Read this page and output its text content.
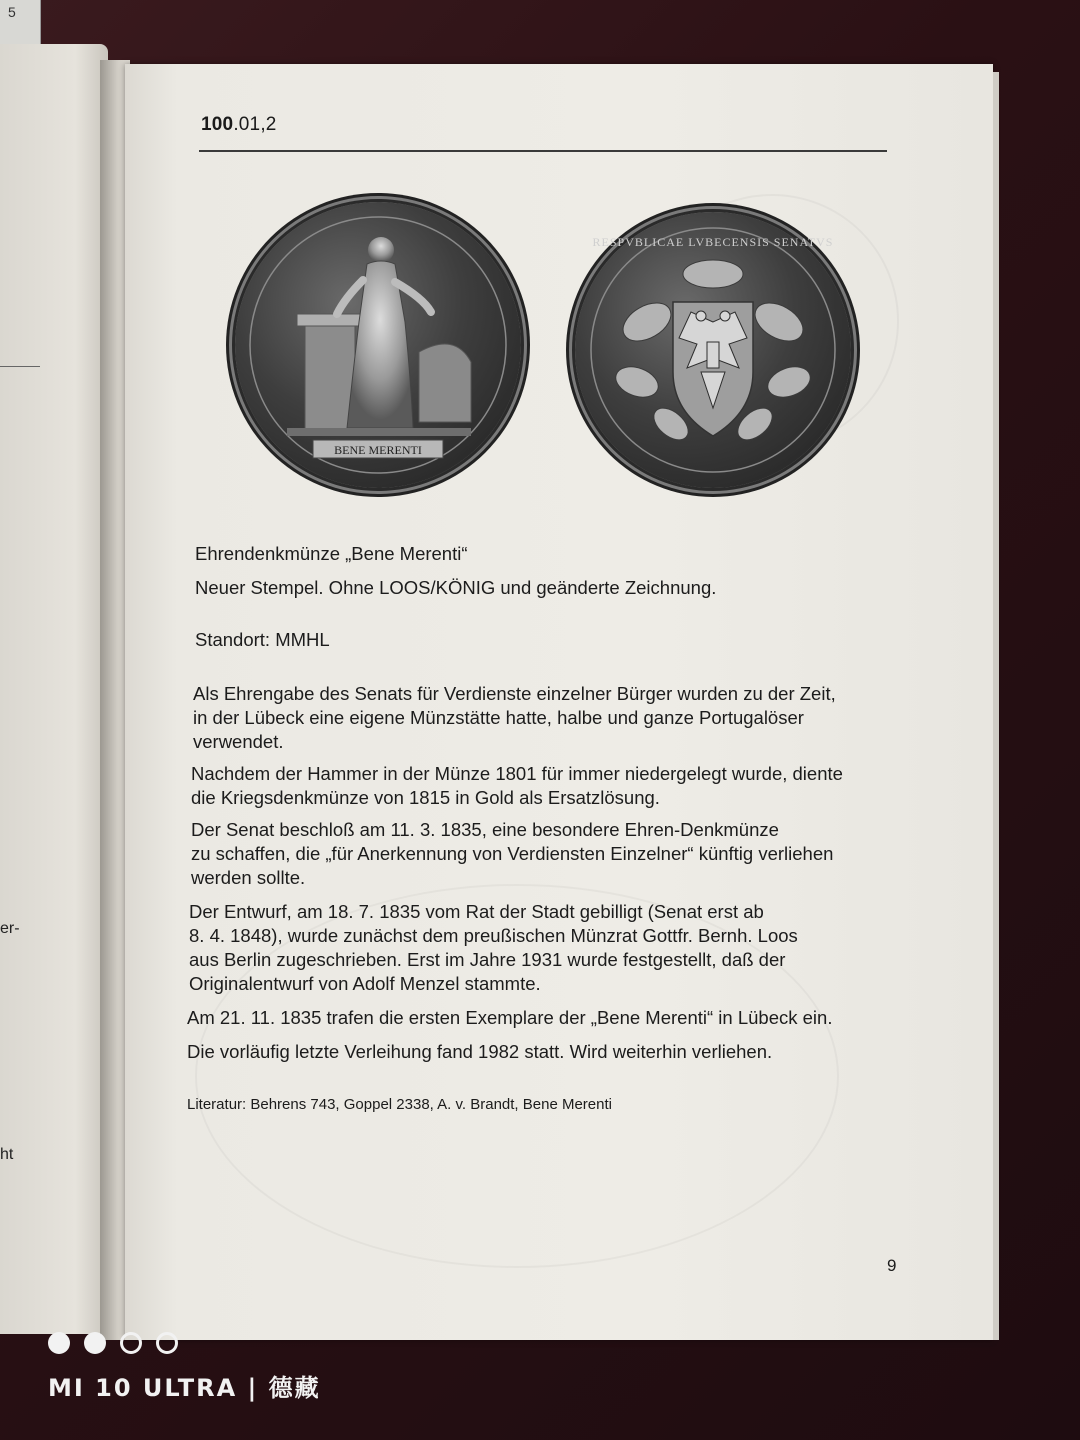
5
er-
ht
100.01,2
BENE MERENTI
RESPVBLICAE LVBECENSIS SENATVS
Ehrendenkmünze „Bene Merenti“
Neuer Stempel. Ohne LOOS/KÖNIG und geänderte Zeichnung.
Standort: MMHL
Als Ehrengabe des Senats für Verdienste einzelner Bürger wurden zu der Zeit,
in der Lübeck eine eigene Münzstätte hatte, halbe und ganze Portugalöser
verwendet.
Nachdem der Hammer in der Münze 1801 für immer niedergelegt wurde, diente
die Kriegsdenkmünze von 1815 in Gold als Ersatzlösung.
Der Senat beschloß am 11. 3. 1835, eine besondere Ehren-Denkmünze
zu schaffen, die „für Anerkennung von Verdiensten Einzelner“ künftig verliehen
werden sollte.
Der Entwurf, am 18. 7. 1835 vom Rat der Stadt gebilligt (Senat erst ab
8. 4. 1848), wurde zunächst dem preußischen Münzrat Gottfr. Bernh. Loos
aus Berlin zugeschrieben. Erst im Jahre 1931 wurde festgestellt, daß der
Originalentwurf von Adolf Menzel stammte.
Am 21. 11. 1835 trafen die ersten Exemplare der „Bene Merenti“ in Lübeck ein.
Die vorläufig letzte Verleihung fand 1982 statt. Wird weiterhin verliehen.
Literatur: Behrens 743, Goppel 2338, A. v. Brandt, Bene Merenti
9
MI 10 ULTRA | 德藏
